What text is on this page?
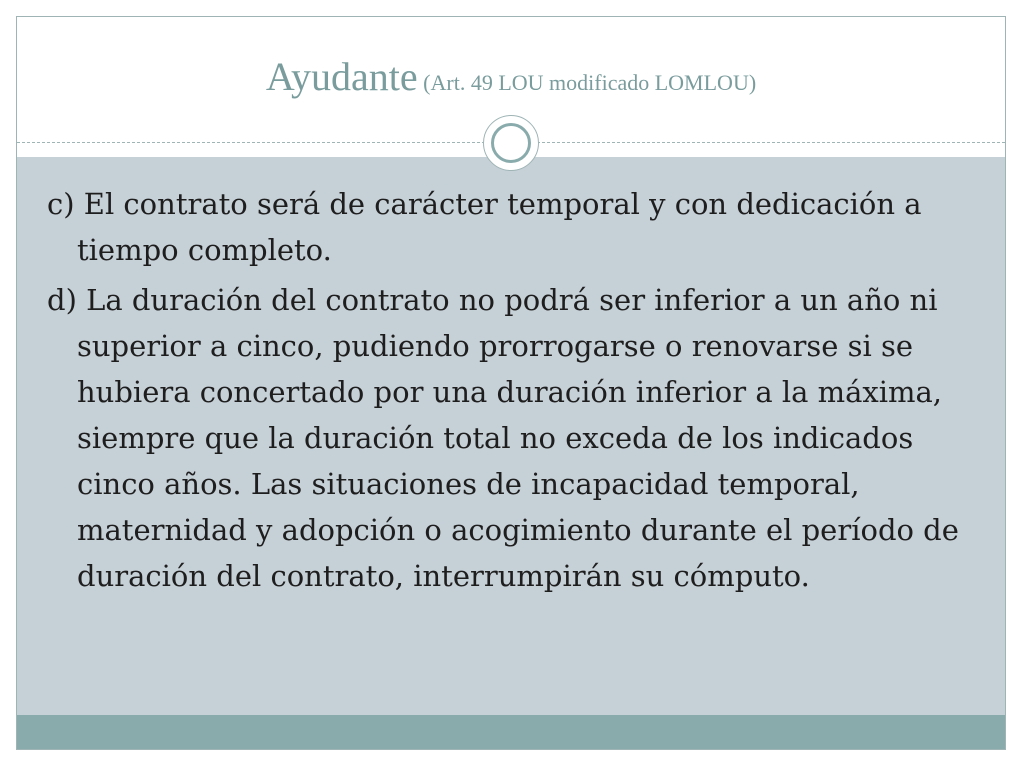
Ayudante (Art. 49 LOU modificado LOMLOU)

c) El contrato será de carácter temporal y con dedicación a tiempo completo.

d) La duración del contrato no podrá ser inferior a un año ni superior a cinco, pudiendo prorrogarse o renovarse si se hubiera concertado por una duración inferior a la máxima, siempre que la duración total no exceda de los indicados cinco años. Las situaciones de incapacidad temporal, maternidad y adopción o acogimiento durante el período de duración del contrato, interrumpirán su cómputo.
